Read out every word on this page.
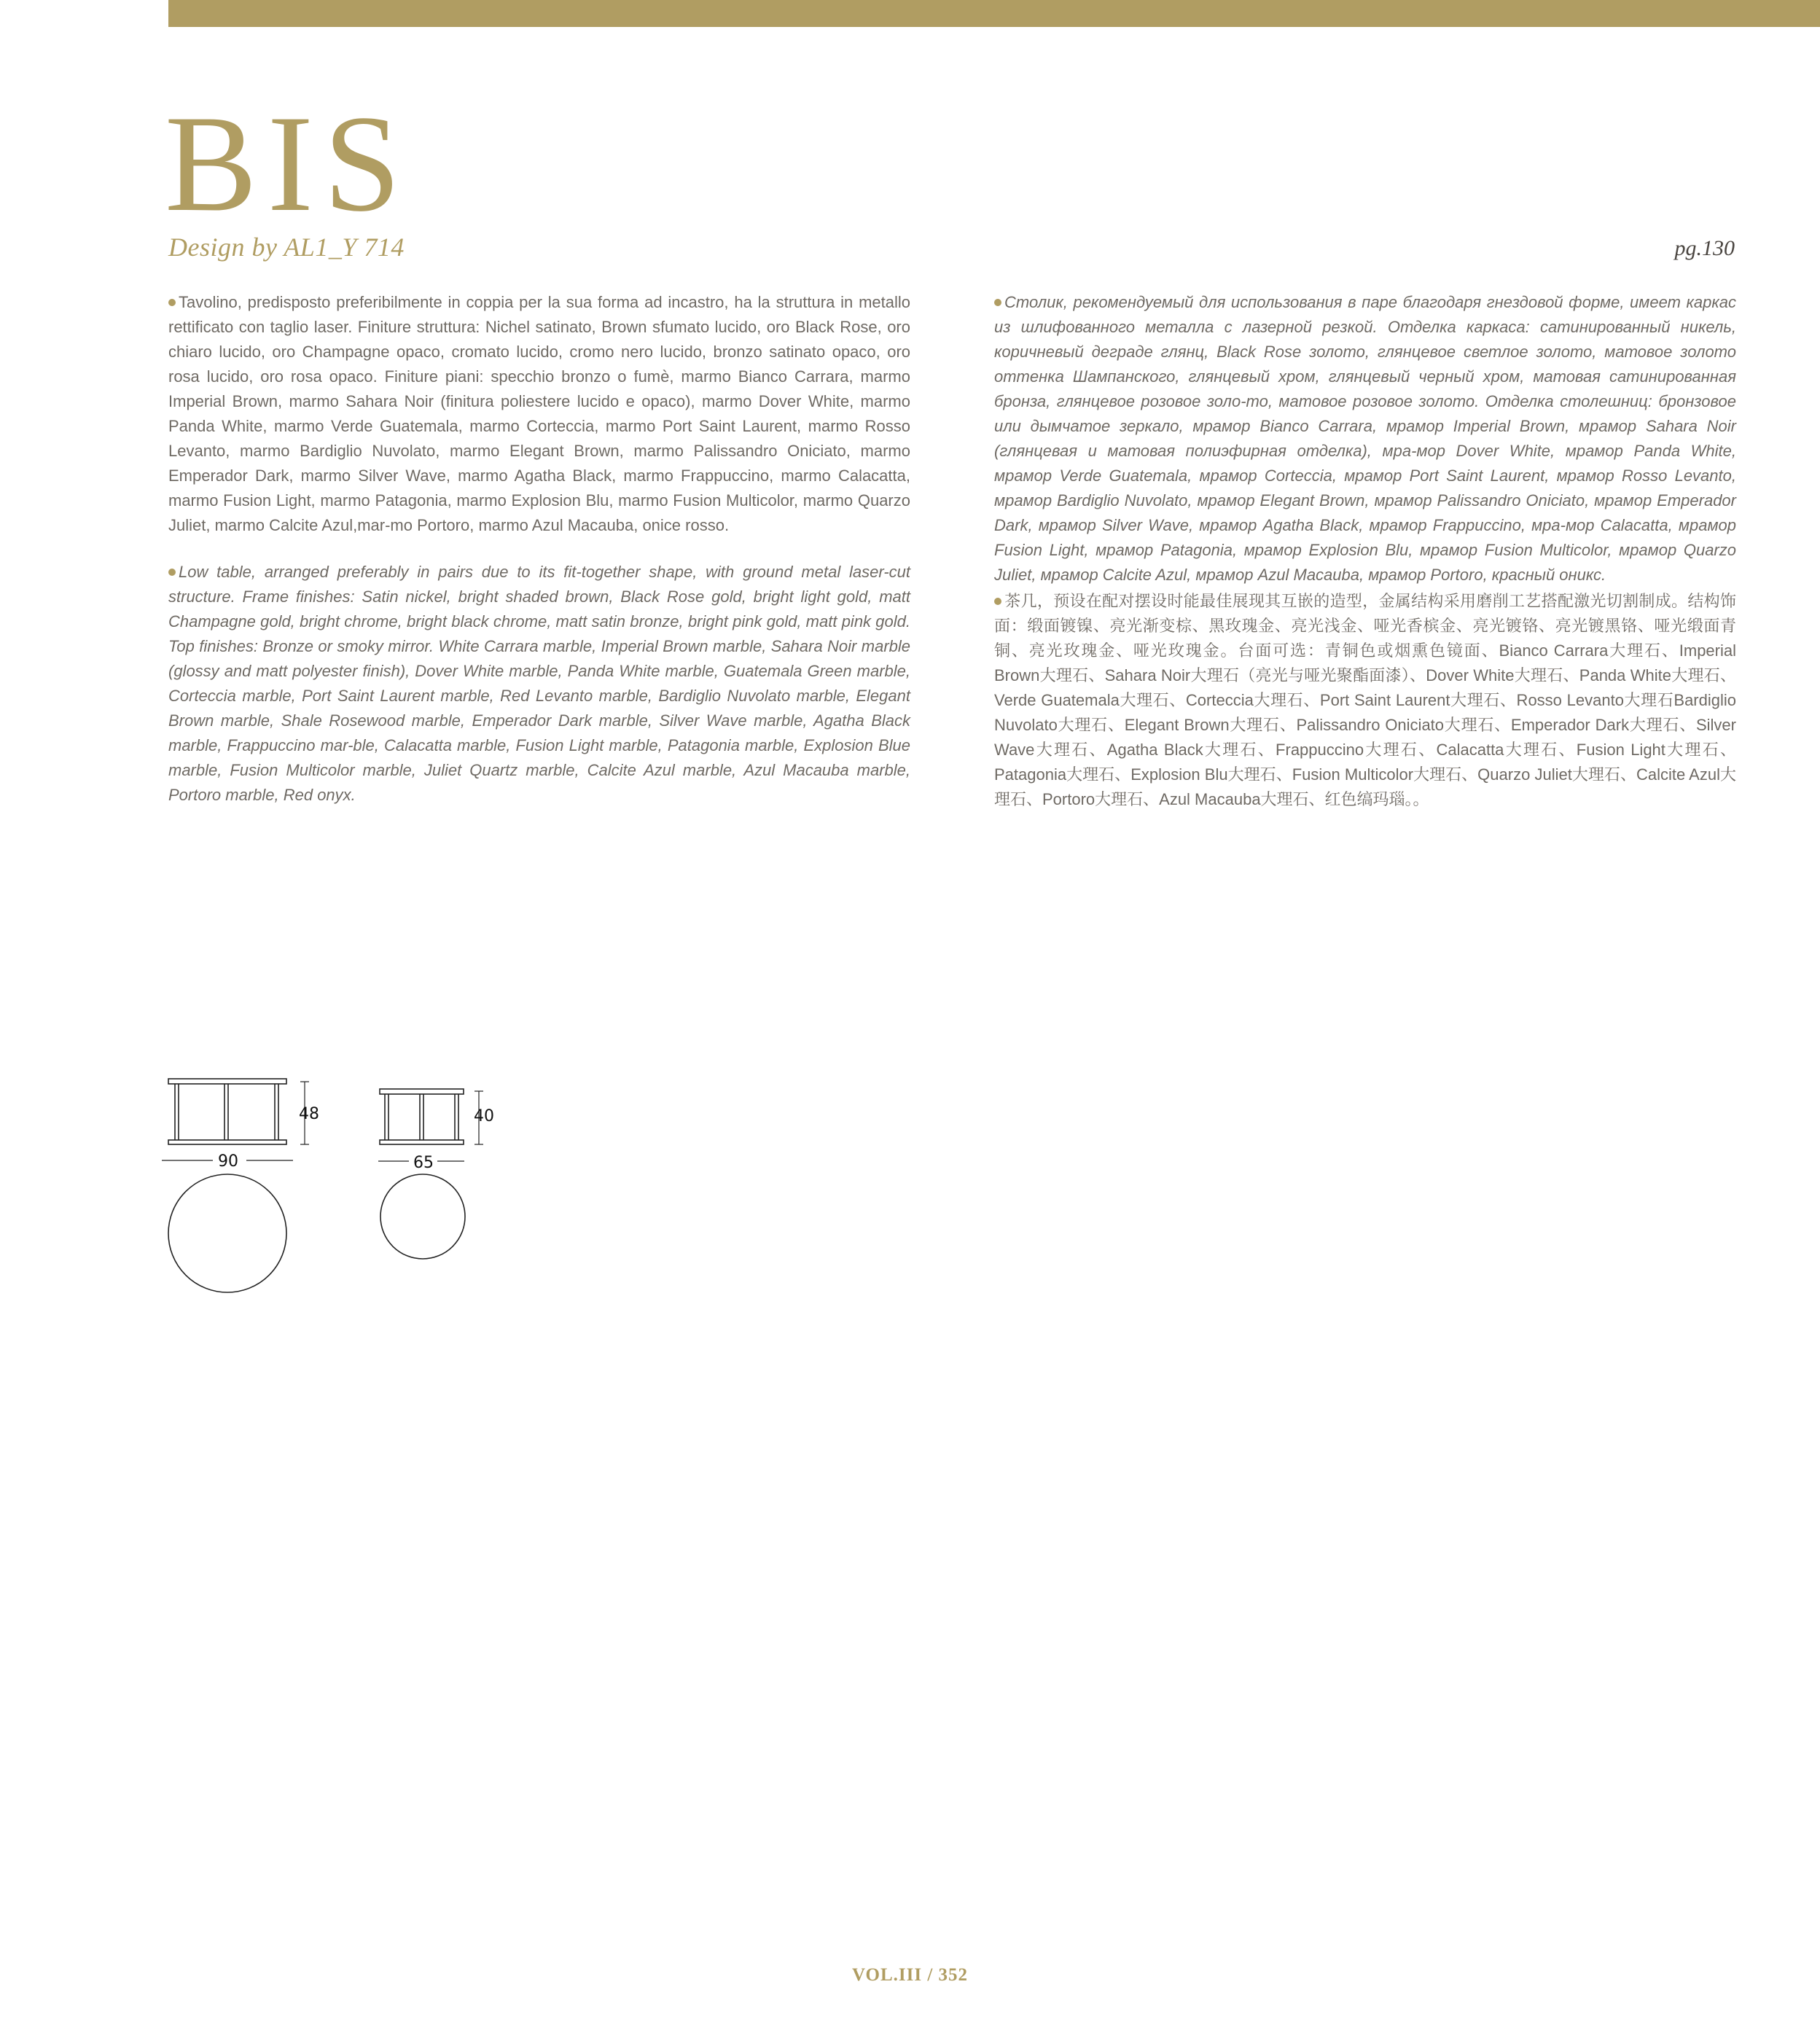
BIS
Design by AL1_Y 714	pg.130

Tavolino, predisposto preferibilmente in coppia per la sua forma ad incastro, ha la struttura in metallo rettificato con taglio laser. Finiture struttura: Nichel satinato, Brown sfumato lucido, oro Black Rose, oro chiaro lucido, oro Champagne opaco, cromato lucido, cromo nero lucido, bronzo satinato opaco, oro rosa lucido, oro rosa opaco. Finiture piani: specchio bronzo o fumè, marmo Bianco Carrara, marmo Imperial Brown, marmo Sahara Noir (finitura poliestere lucido e opaco), marmo Dover White, marmo Panda White, marmo Verde Guatemala, marmo Corteccia, marmo Port Saint Laurent, marmo Rosso Levanto, marmo Bardiglio Nuvolato, marmo Elegant Brown, marmo Palissandro Oniciato, marmo Emperador Dark, marmo Silver Wave, marmo Agatha Black, marmo Frappuccino, marmo Calacatta, marmo Fusion Light, marmo Patagonia, marmo Explosion Blu, marmo Fusion Multicolor, marmo Quarzo Juliet, marmo Calcite Azul,mar-mo Portoro, marmo Azul Macauba, onice rosso.

Low table, arranged preferably in pairs due to its fit-together shape, with ground metal laser-cut structure. Frame finishes: Satin nickel, bright shaded brown, Black Rose gold, bright light gold, matt Champagne gold, bright chrome, bright black chrome, matt satin bronze, bright pink gold, matt pink gold. Top finishes: Bronze or smoky mirror. White Carrara marble, Imperial Brown marble, Sahara Noir marble (glossy and matt polyester finish), Dover White marble, Panda White marble, Guatemala Green marble, Corteccia marble, Port Saint Laurent marble, Red Levanto marble, Bardiglio Nuvolato marble, Elegant Brown marble, Shale Rosewood marble, Emperador Dark marble, Silver Wave marble, Agatha Black marble, Frappuccino mar-ble, Calacatta marble, Fusion Light marble, Patagonia marble, Explosion Blue marble, Fusion Multicolor marble, Juliet Quartz marble, Calcite Azul marble, Azul Macauba marble, Portoro marble, Red onyx.

Столик, рекомендуемый для использования в паре благодаря гнездовой форме, имеет каркас из шлифованного металла с лазерной резкой. Отделка каркаса: сатинированный никель, коричневый деграде глянц, Black Rose золото, глянцевое светлое золото, матовое золото оттенка Шампанского, глянцевый хром, глянцевый черный хром, матовая сатинированная бронза, глянцевое розовое золо-то, матовое розовое золото. Отделка столешниц: бронзовое или дымчатое зеркало, мрамор Bianco Carrara, мрамор Imperial Brown, мрамор Sahara Noir (глянцевая и матовая полиэфирная отделка), мра-мор Dover White, мрамор Panda White, мрамор Verde Guatemala, мрамор Corteccia, мрамор Port Saint Laurent, мрамор Rosso Levanto, мрамор Bardiglio Nuvolato, мрамор Elegant Brown, мрамор Palissandro Oniciato, мрамор Emperador Dark, мрамор Silver Wave, мрамор Agatha Black, мрамор Frappuccino, мра-мор Calacatta, мрамор Fusion Light, мрамор Patagonia, мрамор Explosion Blu, мрамор Fusion Multicolor, мрамор Quarzo Juliet, мрамор Calcite Azul, мрамор Azul Macauba, мрамор Portoro, красный оникс.

茶几，预设在配对摆设时能最佳展现其互嵌的造型，金属结构采用磨削工艺搭配激光切割制成。结构饰面：缎面镀镍、亮光渐变棕、黑玫瑰金、亮光浅金、哑光香槟金、亮光镀铬、亮光镀黑铬、哑光缎面青铜、亮光玫瑰金、哑光玫瑰金。台面可选：青铜色或烟熏色镜面、Bianco Carrara大理石、Imperial Brown大理石、Sahara Noir大理石（亮光与哑光聚酯面漆）、Dover White大理石、Panda White大理石、Verde Guatemala大理石、Corteccia大理石、Port Saint Laurent大理石、Rosso Levanto大理石Bardiglio Nuvolato大理石、Elegant Brown大理石、Palissandro Oniciato大理石、Emperador Dark大理石、Silver Wave大理石、Agatha Black大理石、Frappuccino大理石、Calacatta大理石、Fusion Light大理石、Patagonia大理石、Explosion Blu大理石、Fusion Multicolor大理石、Quarzo Juliet大理石、Calcite Azul大理石、Portoro大理石、Azul Macauba大理石、红色缟玛瑙。。

48
90
40
65
VOL.III / 352
